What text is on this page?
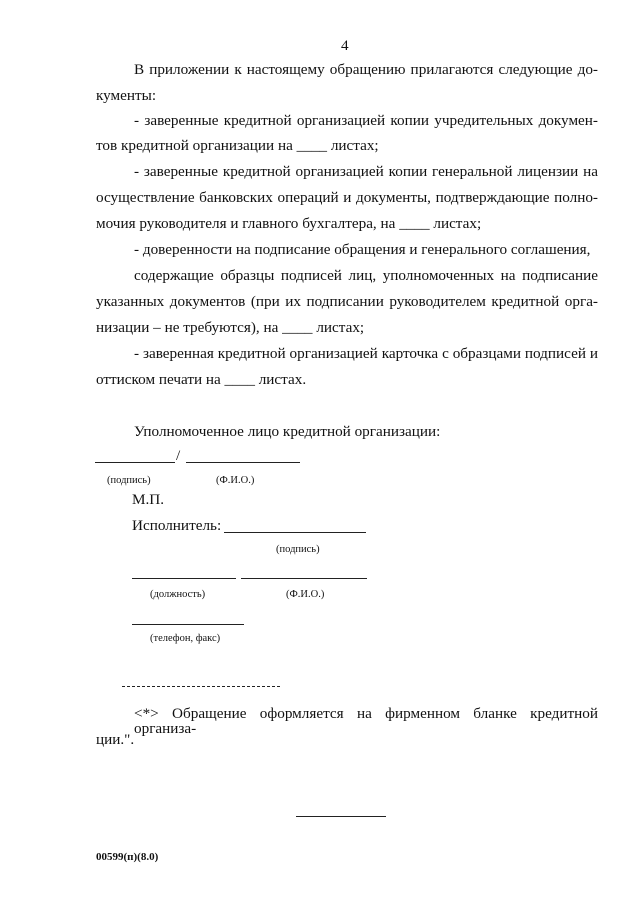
4
В приложении к настоящему обращению прилагаются следующие до-
кументы:
- заверенные кредитной организацией копии учредительных докумен-
тов кредитной организации на ____ листах;
- заверенные кредитной организацией копии генеральной лицензии на
осуществление банковских операций и документы, подтверждающие полно-
мочия руководителя и главного бухгалтера, на ____ листах;
- доверенности на подписание обращения и генерального соглашения,
содержащие образцы подписей лиц, уполномоченных на подписание
указанных документов (при их подписании руководителем кредитной орга-
низации – не требуются), на ____ листах;
- заверенная кредитной организацией карточка с образцами подписей и
оттиском печати на ____ листах.
Уполномоченное лицо кредитной организации:
/
(подпись)	(Ф.И.О.)
М.П.
Исполнитель:
(подпись)
(должность)	(Ф.И.О.)
(телефон, факс)
<*> Обращение оформляется на фирменном бланке кредитной организа-
ции.".
00599(п)(8.0)
